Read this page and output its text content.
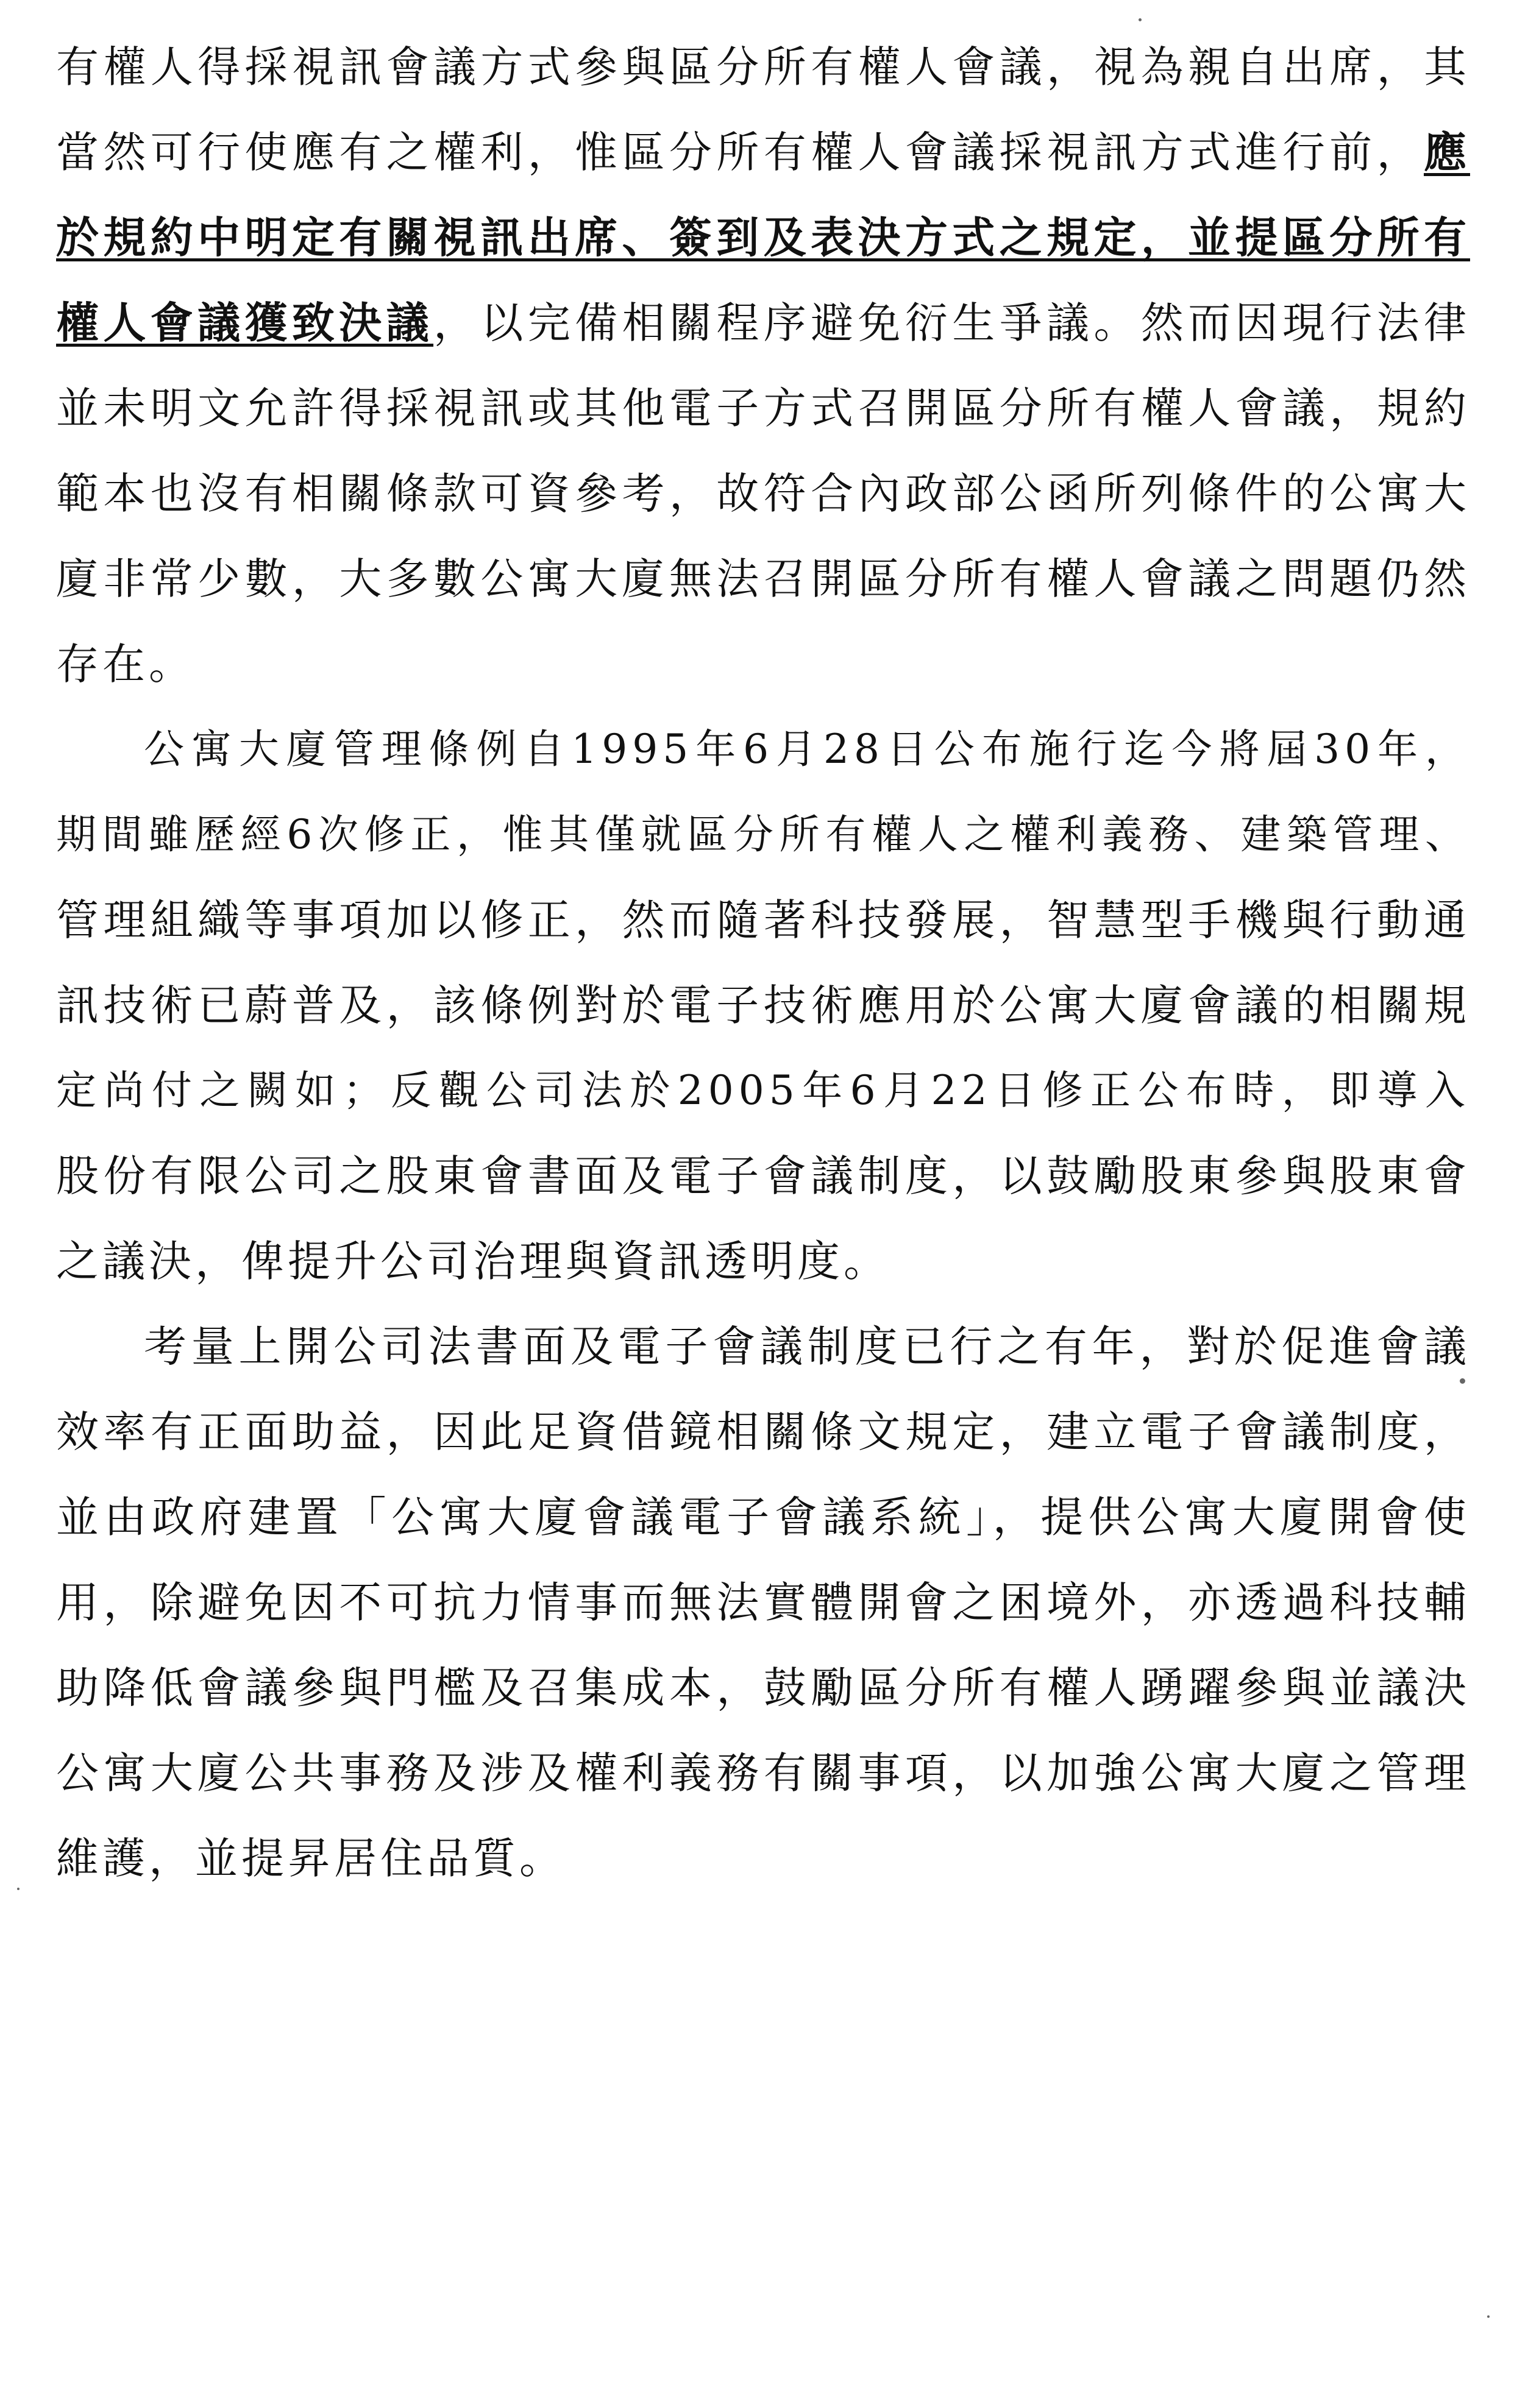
有權人得採視訊會議方式參與區分所有權人會議，視為親自出席，其
當然可行使應有之權利，惟區分所有權人會議採視訊方式進行前，應
於規約中明定有關視訊出席、簽到及表決方式之規定，並提區分所有
權人會議獲致決議，以完備相關程序避免衍生爭議。然而因現行法律
並未明文允許得採視訊或其他電子方式召開區分所有權人會議，規約
範本也沒有相關條款可資參考，故符合內政部公函所列條件的公寓大
廈非常少數，大多數公寓大廈無法召開區分所有權人會議之問題仍然
存在。
公寓大廈管理條例自1995年6月28日公布施行迄今將屆30年，
期間雖歷經6次修正，惟其僅就區分所有權人之權利義務、建築管理、
管理組織等事項加以修正，然而隨著科技發展，智慧型手機與行動通
訊技術已蔚普及，該條例對於電子技術應用於公寓大廈會議的相關規
定尚付之闕如；反觀公司法於2005年6月22日修正公布時，即導入
股份有限公司之股東會書面及電子會議制度，以鼓勵股東參與股東會
之議決，俾提升公司治理與資訊透明度。
考量上開公司法書面及電子會議制度已行之有年，對於促進會議
效率有正面助益，因此足資借鏡相關條文規定，建立電子會議制度，
並由政府建置「公寓大廈會議電子會議系統」，提供公寓大廈開會使
用，除避免因不可抗力情事而無法實體開會之困境外，亦透過科技輔
助降低會議參與門檻及召集成本，鼓勵區分所有權人踴躍參與並議決
公寓大廈公共事務及涉及權利義務有關事項，以加強公寓大廈之管理
維護，並提昇居住品質。
